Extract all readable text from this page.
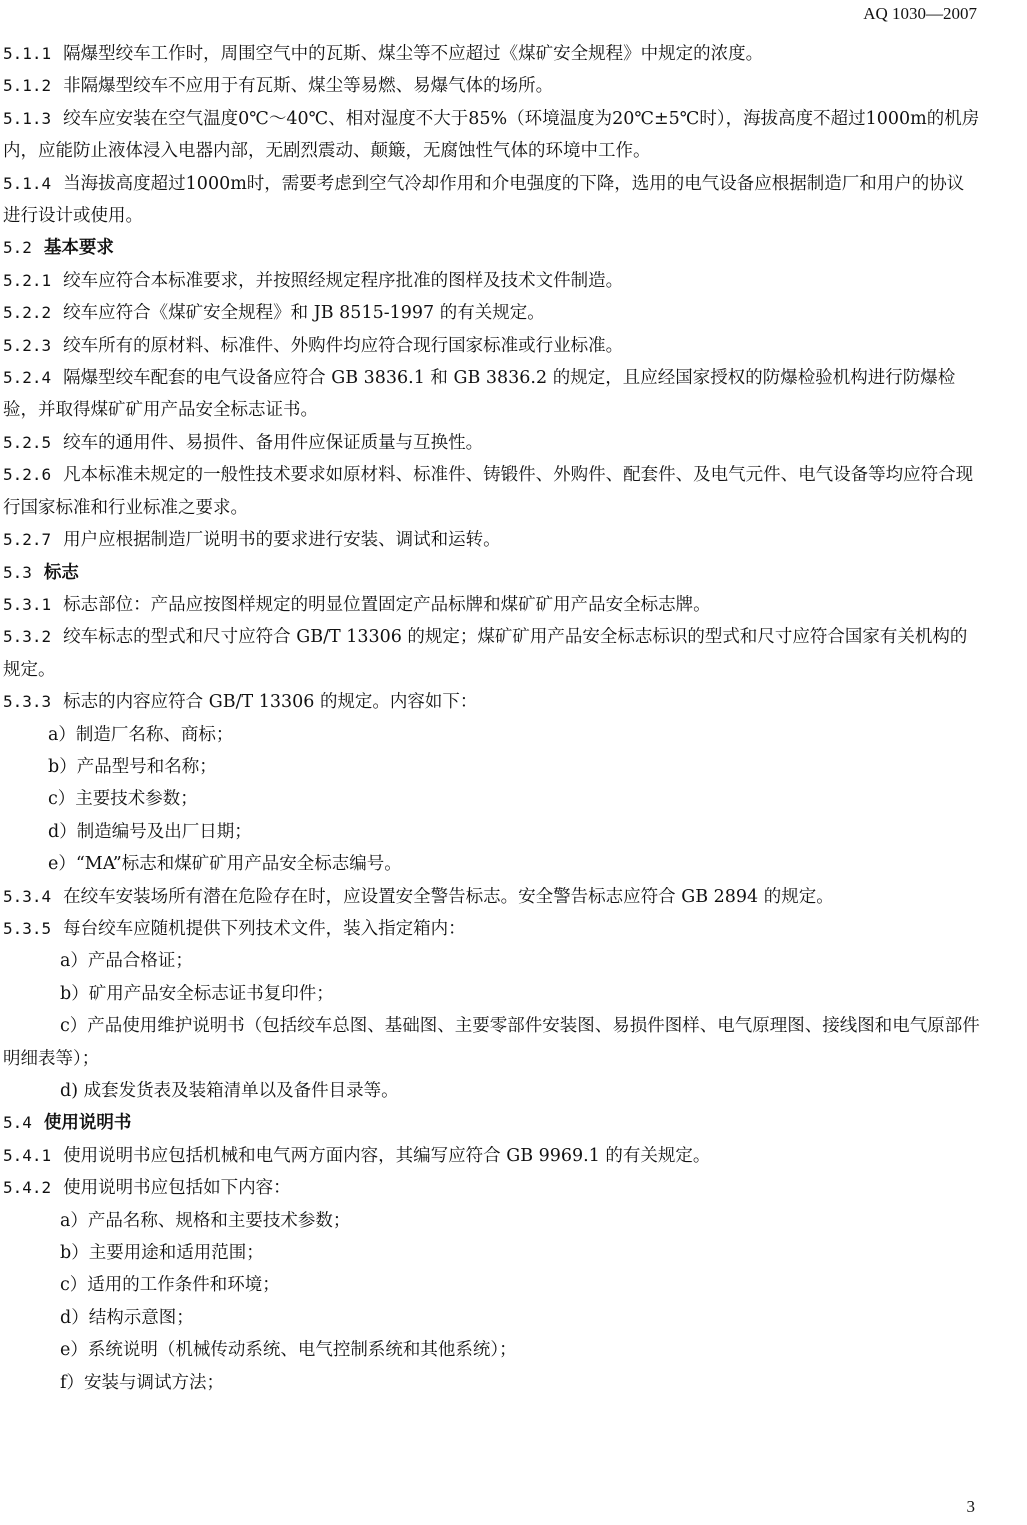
AQ 1030—2007
5.1.1 隔爆型绞车工作时，周围空气中的瓦斯、煤尘等不应超过《煤矿安全规程》中规定的浓度。
5.1.2 非隔爆型绞车不应用于有瓦斯、煤尘等易燃、易爆气体的场所。
5.1.3 绞车应安装在空气温度0℃～40℃、相对湿度不大于85%（环境温度为20℃±5℃时），海拔高度不超过1000m的机房内，应能防止液体浸入电器内部，无剧烈震动、颠簸，无腐蚀性气体的环境中工作。
5.1.4 当海拔高度超过1000m时，需要考虑到空气冷却作用和介电强度的下降，选用的电气设备应根据制造厂和用户的协议进行设计或使用。
5.2 基本要求
5.2.1 绞车应符合本标准要求，并按照经规定程序批准的图样及技术文件制造。
5.2.2 绞车应符合《煤矿安全规程》和 JB 8515-1997 的有关规定。
5.2.3 绞车所有的原材料、标准件、外购件均应符合现行国家标准或行业标准。
5.2.4 隔爆型绞车配套的电气设备应符合 GB 3836.1 和 GB 3836.2 的规定，且应经国家授权的防爆检验机构进行防爆检验，并取得煤矿矿用产品安全标志证书。
5.2.5 绞车的通用件、易损件、备用件应保证质量与互换性。
5.2.6 凡本标准未规定的一般性技术要求如原材料、标准件、铸锻件、外购件、配套件、及电气元件、电气设备等均应符合现行国家标准和行业标准之要求。
5.2.7 用户应根据制造厂说明书的要求进行安装、调试和运转。
5.3 标志
5.3.1 标志部位：产品应按图样规定的明显位置固定产品标牌和煤矿矿用产品安全标志牌。
5.3.2 绞车标志的型式和尺寸应符合 GB/T 13306 的规定；煤矿矿用产品安全标志标识的型式和尺寸应符合国家有关机构的规定。
5.3.3 标志的内容应符合 GB/T 13306 的规定。内容如下：
a）制造厂名称、商标；
b）产品型号和名称；
c）主要技术参数；
d）制造编号及出厂日期；
e）“MA”标志和煤矿矿用产品安全标志编号。
5.3.4 在绞车安装场所有潜在危险存在时，应设置安全警告标志。安全警告标志应符合 GB 2894 的规定。
5.3.5 每台绞车应随机提供下列技术文件，装入指定箱内：
a）产品合格证；
b）矿用产品安全标志证书复印件；
c）产品使用维护说明书（包括绞车总图、基础图、主要零部件安装图、易损件图样、电气原理图、接线图和电气原部件明细表等）；
d) 成套发货表及装箱清单以及备件目录等。
5.4 使用说明书
5.4.1 使用说明书应包括机械和电气两方面内容，其编写应符合 GB 9969.1 的有关规定。
5.4.2 使用说明书应包括如下内容：
a）产品名称、规格和主要技术参数；
b）主要用途和适用范围；
c）适用的工作条件和环境；
d）结构示意图；
e）系统说明（机械传动系统、电气控制系统和其他系统）；
f）安装与调试方法；
3
